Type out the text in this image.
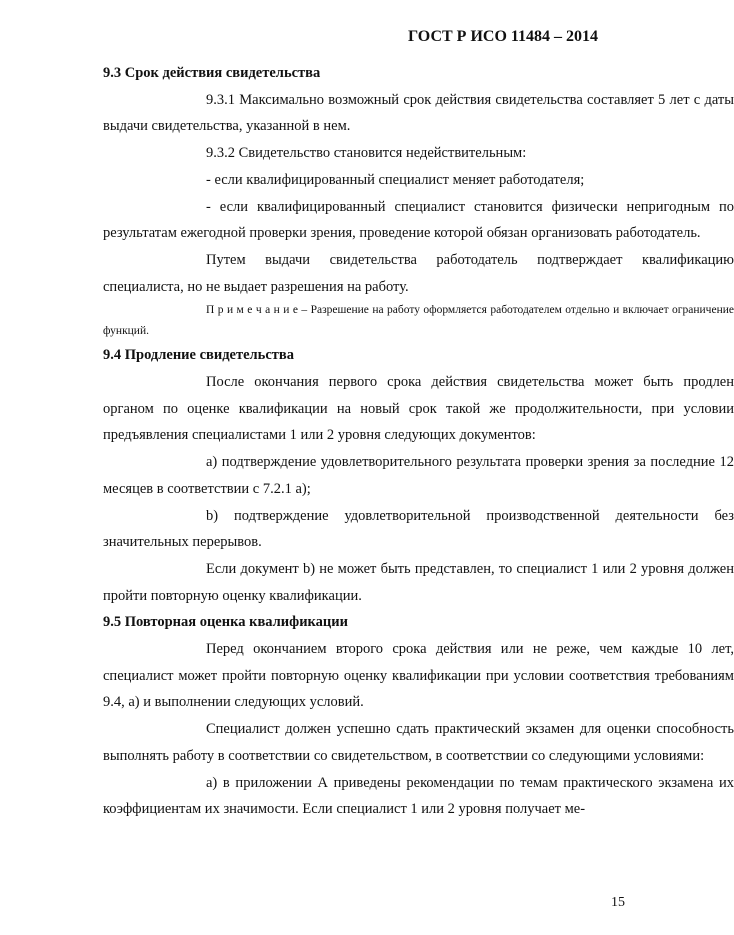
ГОСТ Р ИСО 11484 – 2014

9.3 Срок действия свидетельства

9.3.1 Максимально возможный срок действия свидетельства составляет 5 лет с даты выдачи свидетельства, указанной в нем.

9.3.2 Свидетельство становится недействительным:

- если квалифицированный специалист меняет работодателя;

- если квалифицированный специалист становится физически непригодным по результатам ежегодной проверки зрения, проведение которой обязан организовать работодатель.

Путем выдачи свидетельства работодатель подтверждает квалификацию специалиста, но не выдает разрешения на работу.

П р и м е ч а н и е – Разрешение на работу оформляется работодателем отдельно и включает ограничение функций.

9.4 Продление свидетельства

После окончания первого срока действия свидетельства может быть продлен органом по оценке квалификации на новый срок такой же продолжительности, при условии предъявления специалистами 1 или 2 уровня следующих документов:

a) подтверждение удовлетворительного результата проверки зрения за последние 12 месяцев в соответствии с 7.2.1 a);

b) подтверждение удовлетворительной производственной деятельности без значительных перерывов.

Если документ b) не может быть представлен, то специалист 1 или 2 уровня должен пройти повторную оценку квалификации.

9.5 Повторная оценка квалификации

Перед окончанием второго срока действия или не реже, чем каждые 10 лет, специалист может пройти повторную оценку квалификации при условии соответствия требованиям 9.4, a) и выполнении следующих условий.

Специалист должен успешно сдать практический экзамен для оценки способность выполнять работу в соответствии со свидетельством, в соответствии со следующими условиями:

a) в приложении А приведены рекомендации по темам практического экзамена их коэффициентам их значимости. Если специалист 1 или 2 уровня получает ме-

15
